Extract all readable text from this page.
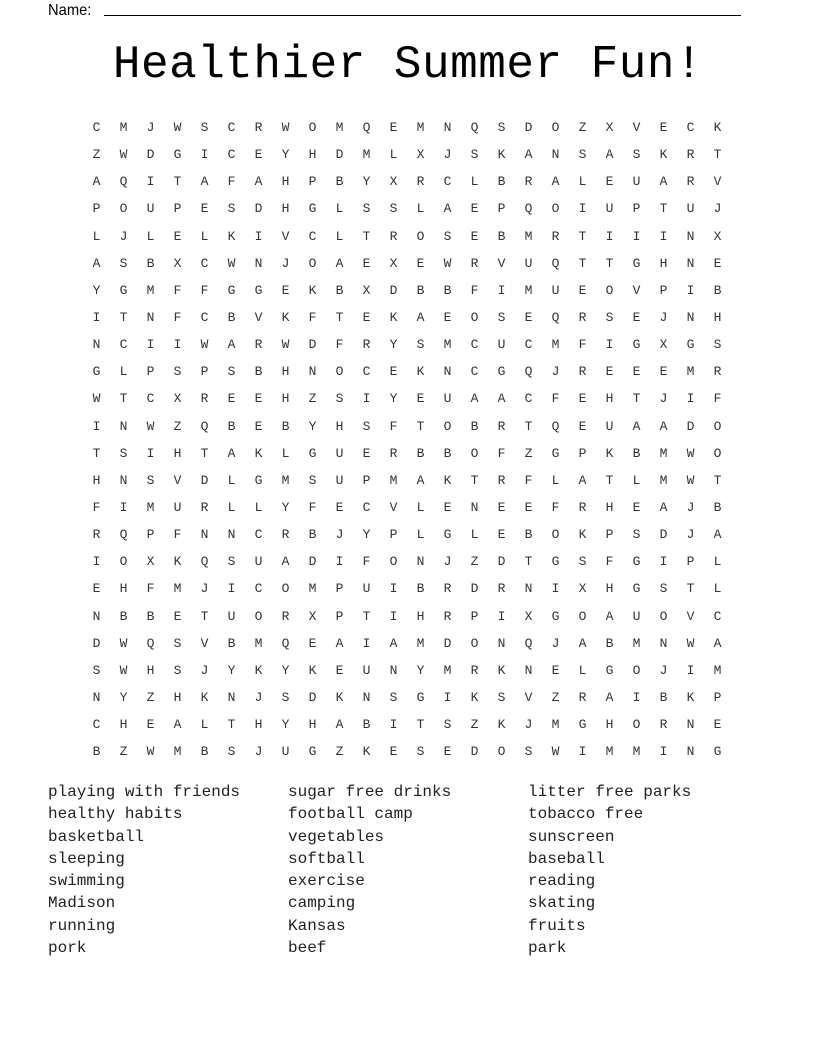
Name:
Healthier Summer Fun!
C	M	J	W	S	C	R	W	O	M	Q	E	M	N	Q	S	D	O	Z	X	V	E	C	K
Z	W	D	G	I	C	E	Y	H	D	M	L	X	J	S	K	A	N	S	A	S	K	R	T
A	Q	I	T	A	F	A	H	P	B	Y	X	R	C	L	B	R	A	L	E	U	A	R	V
P	O	U	P	E	S	D	H	G	L	S	S	L	A	E	P	Q	O	I	U	P	T	U	J
L	J	L	E	L	K	I	V	C	L	T	R	O	S	E	B	M	R	T	I	I	I	N	X
A	S	B	X	C	W	N	J	O	A	E	X	E	W	R	V	U	Q	T	T	G	H	N	E
Y	G	M	F	F	G	G	E	K	B	X	D	B	B	F	I	M	U	E	O	V	P	I	B
I	T	N	F	C	B	V	K	F	T	E	K	A	E	O	S	E	Q	R	S	E	J	N	H
N	C	I	I	W	A	R	W	D	F	R	Y	S	M	C	U	C	M	F	I	G	X	G	S
G	L	P	S	P	S	B	H	N	O	C	E	K	N	C	G	Q	J	R	E	E	E	M	R
W	T	C	X	R	E	E	H	Z	S	I	Y	E	U	A	A	C	F	E	H	T	J	I	F
I	N	W	Z	Q	B	E	B	Y	H	S	F	T	O	B	R	T	Q	E	U	A	A	D	O
T	S	I	H	T	A	K	L	G	U	E	R	B	B	O	F	Z	G	P	K	B	M	W	O
H	N	S	V	D	L	G	M	S	U	P	M	A	K	T	R	F	L	A	T	L	M	W	T
F	I	M	U	R	L	L	Y	F	E	C	V	L	E	N	E	E	F	R	H	E	A	J	B
R	Q	P	F	N	N	C	R	B	J	Y	P	L	G	L	E	B	O	K	P	S	D	J	A
I	O	X	K	Q	S	U	A	D	I	F	O	N	J	Z	D	T	G	S	F	G	I	P	L
E	H	F	M	J	I	C	O	M	P	U	I	B	R	D	R	N	I	X	H	G	S	T	L
N	B	B	E	T	U	O	R	X	P	T	I	H	R	P	I	X	G	O	A	U	O	V	C
D	W	Q	S	V	B	M	Q	E	A	I	A	M	D	O	N	Q	J	A	B	M	N	W	A
S	W	H	S	J	Y	K	Y	K	E	U	N	Y	M	R	K	N	E	L	G	O	J	I	M
N	Y	Z	H	K	N	J	S	D	K	N	S	G	I	K	S	V	Z	R	A	I	B	K	P
C	H	E	A	L	T	H	Y	H	A	B	I	T	S	Z	K	J	M	G	H	O	R	N	E
B	Z	W	M	B	S	J	U	G	Z	K	E	S	E	D	O	S	W	I	M	M	I	N	G
playing with friends
healthy habits
basketball
sleeping
swimming
Madison
running
pork
sugar free drinks
football camp
vegetables
softball
exercise
camping
Kansas
beef
litter free parks
tobacco free
sunscreen
baseball
reading
skating
fruits
park
